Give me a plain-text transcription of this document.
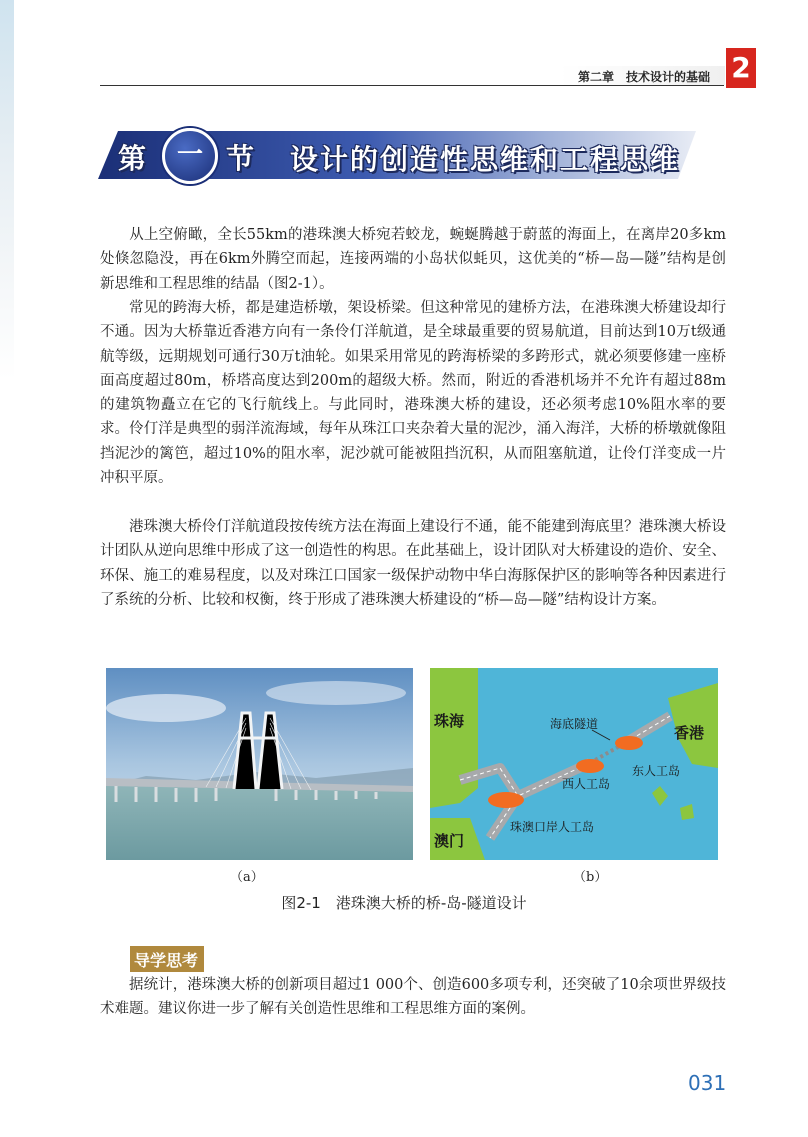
第二章　技术设计的基础 2
第 一 节 设计的创造性思维和工程思维

从上空俯瞰，全长55km的港珠澳大桥宛若蛟龙，蜿蜒腾越于蔚蓝的海面上，在离岸20多km处倏忽隐没，再在6km外腾空而起，连接两端的小岛状似蚝贝，这优美的“桥—岛—隧”结构是创新思维和工程思维的结晶（图2-1）。

常见的跨海大桥，都是建造桥墩，架设桥梁。但这种常见的建桥方法，在港珠澳大桥建设却行不通。因为大桥靠近香港方向有一条伶仃洋航道，是全球最重要的贸易航道，目前达到10万t级通航等级，远期规划可通行30万t油轮。如果采用常见的跨海桥梁的多跨形式，就必须要修建一座桥面高度超过80m，桥塔高度达到200m的超级大桥。然而，附近的香港机场并不允许有超过88m的建筑物矗立在它的飞行航线上。与此同时，港珠澳大桥的建设，还必须考虑10%阻水率的要求。伶仃洋是典型的弱洋流海域，每年从珠江口夹杂着大量的泥沙，涌入海洋，大桥的桥墩就像阻挡泥沙的篱笆，超过10%的阻水率，泥沙就可能被阻挡沉积，从而阻塞航道，让伶仃洋变成一片冲积平原。

港珠澳大桥伶仃洋航道段按传统方法在海面上建设行不通，能不能建到海底里？港珠澳大桥设计团队从逆向思维中形成了这一创造性的构思。在此基础上，设计团队对大桥建设的造价、安全、环保、施工的难易程度，以及对珠江口国家一级保护动物中华白海豚保护区的影响等各种因素进行了系统的分析、比较和权衡，终于形成了港珠澳大桥建设的“桥—岛—隧”结构设计方案。

珠海
香港
澳门
海底隧道
东人工岛
西人工岛
珠澳口岸人工岛
（a）	（b）
图2-1　港珠澳大桥的桥-岛-隧道设计
导学思考

据统计，港珠澳大桥的创新项目超过1 000个、创造600多项专利，还突破了10余项世界级技术难题。建议你进一步了解有关创造性思维和工程思维方面的案例。

031
